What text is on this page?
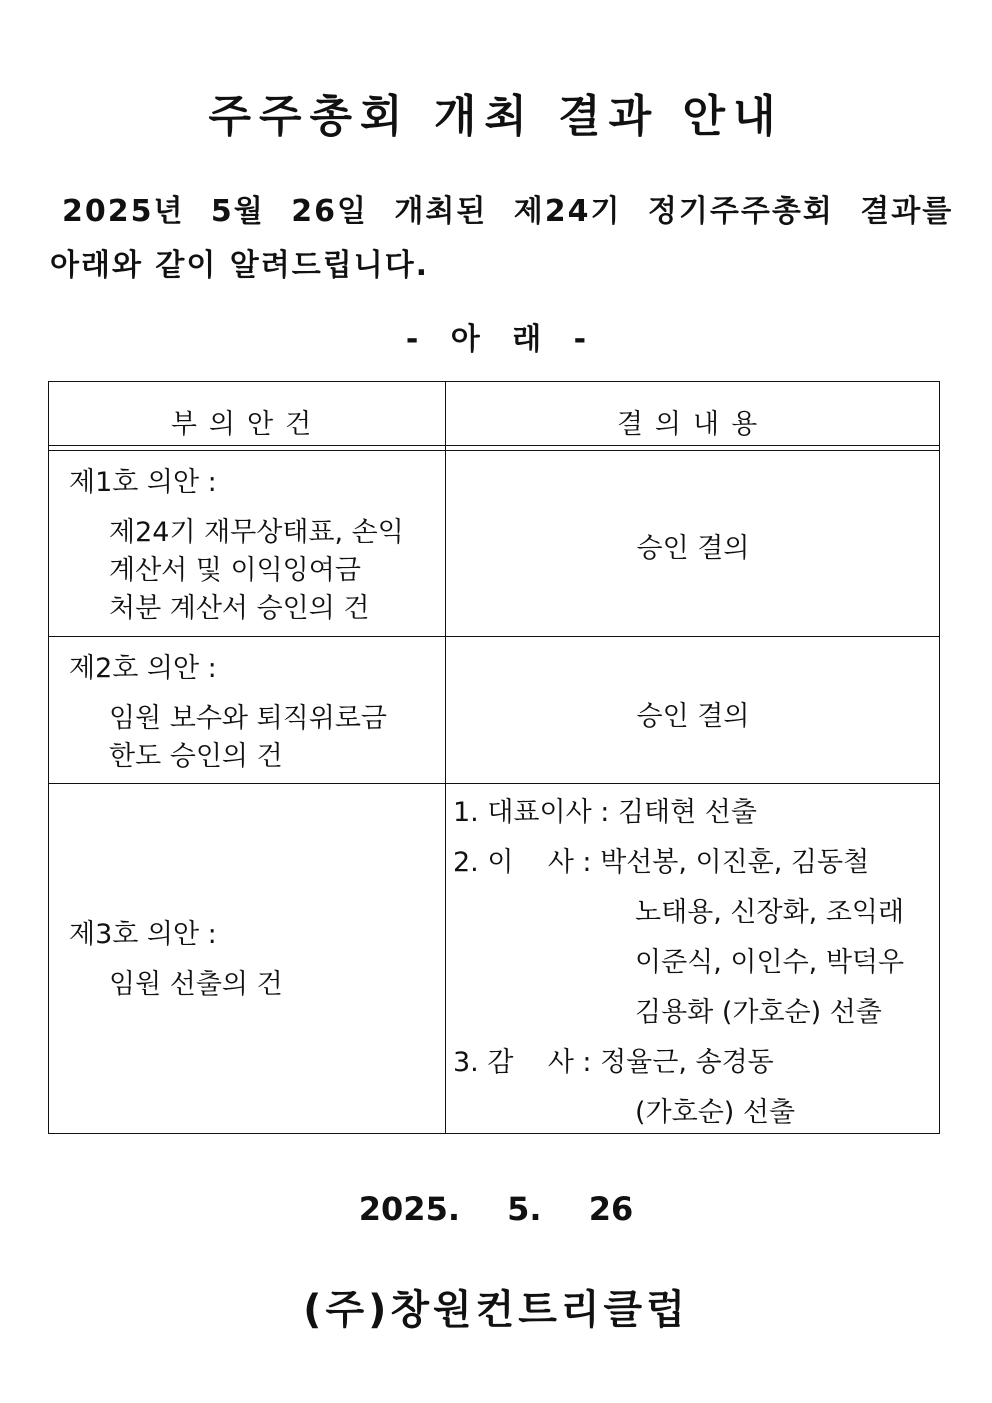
주주총회 개최 결과 안내
2025년 5월 26일 개최된 제24기 정기주주총회 결과를
아래와 같이 알려드립니다.
- 아 래 -
부의안건	결의내용
제1호 의안 :
제24기 재무상태표, 손익
계산서 및 이익잉여금
처분 계산서 승인의 건
승인 결의
제2호 의안 :
임원 보수와 퇴직위로금
한도 승인의 건
승인 결의
제3호 의안 :
임원 선출의 건
1. 대표이사 : 김태현 선출
2. 이    사 : 박선봉, 이진훈, 김동철
노태용, 신장화, 조익래
이준식, 이인수, 박덕우
김용화 (가호순) 선출
3. 감    사 : 정율근, 송경동
(가호순) 선출
2025. 5. 26
(주)창원컨트리클럽
